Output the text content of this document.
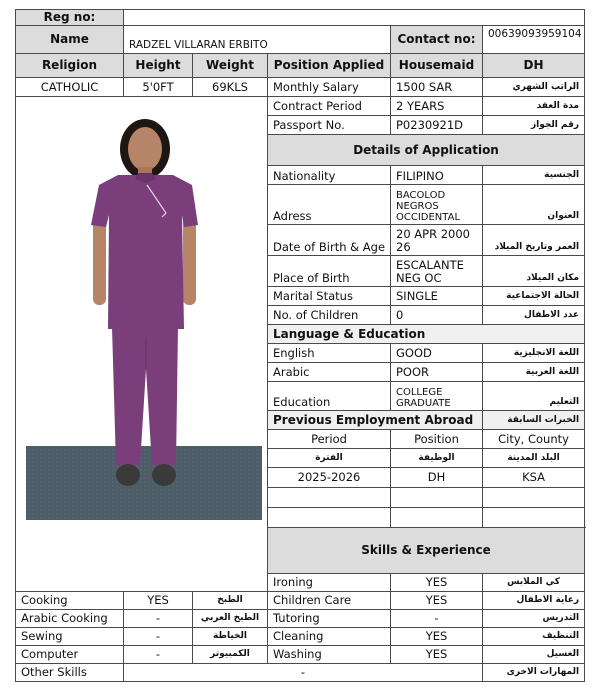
Reg no:						
Name	RADZEL VILLARAN ERBITO			Contact no:	00639093959104	
Religion	Height	Weight	Position Applied	Housemaid	DH	
CATHOLIC	5'0FT	69KLS	Monthly Salary	1500 SAR	الراتب الشهري	

	Contract Period	2 YEARS	مدة العقد	
			Passport No.	P0230921D	رقم الجواز	
			Details of Application			
			Nationality	FILIPINO	الجنسية	
			Adress	BACOLOD NEGROS OCCIDENTAL	العنوان	
			Date of Birth & Age	20 APR 2000 26	العمر وتاريخ الميلاد	
			Place of Birth	ESCALANTE NEG OC	مكان الميلاد	
			Marital Status	SINGLE	الحالة الاجتماعية	
			No. of Children	0	عدد الاطفال	
			Language & Education			
			English	GOOD	اللغة الانجليزية	
			Arabic	POOR	اللغة العربية	
			Education	COLLEGE GRADUATE	التعليم	
			Previous Employment Abroad		الخبرات السابقة	
			Period	Position	City, County	
			الفترة	الوظيفة	البلد المدينة	
			2025-2026	DH	KSA	

			Skills & Experience			
			Ironing	YES	كي الملابس			
Cooking	YES	الطبخ	Children Care	YES	رعاية الاطفال	
Arabic Cooking	-	الطبخ العربي	Tutoring	-	التدريس	
Sewing	-	الخياطة	Cleaning	YES	التنظيف	
Computer	-	الكمبيوتر	Washing	YES	الغسيل	
Other Skills	-				المهارات الاخرى	
